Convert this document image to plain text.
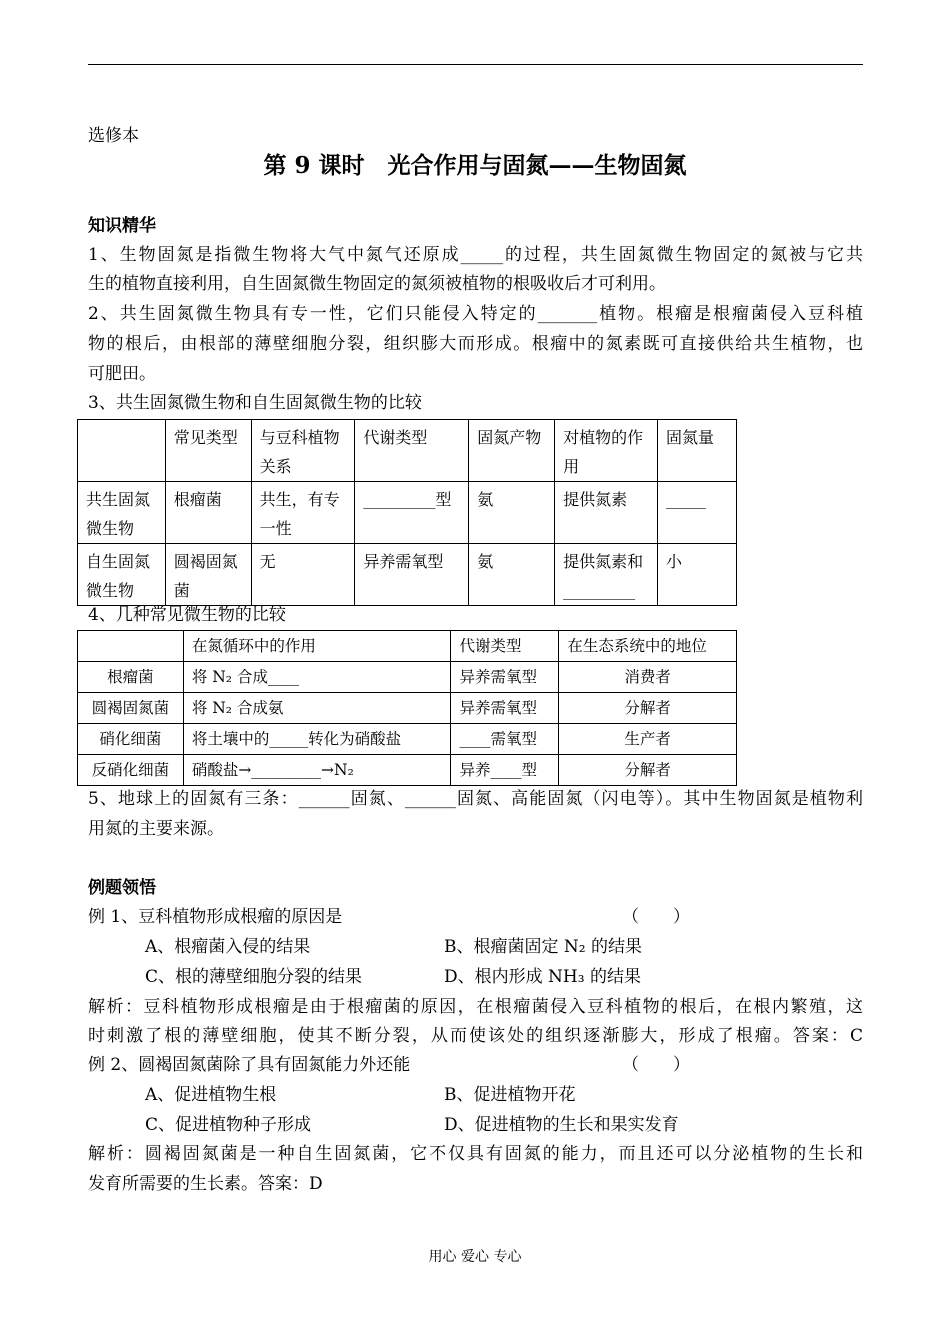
选修本
第 9 课时　光合作用与固氮——生物固氮
知识精华
1、生物固氮是指微生物将大气中氮气还原成_____的过程，共生固氮微生物固定的氮被与它共
生的植物直接利用，自生固氮微生物固定的氮须被植物的根吸收后才可利用。
2、共生固氮微生物具有专一性，它们只能侵入特定的_______植物。根瘤是根瘤菌侵入豆科植
物的根后，由根部的薄壁细胞分裂，组织膨大而形成。根瘤中的氮素既可直接供给共生植物，也
可肥田。
3、共生固氮微生物和自生固氮微生物的比较
	常见类型	与豆科植物关系	代谢类型	固氮产物	对植物的作用	固氮量
共生固氮微生物	根瘤菌	共生，有专一性	_________型	氨	提供氮素	_____
自生固氮微生物	圆褐固氮菌	无	异养需氧型	氨	提供氮素和_________	小
4、几种常见微生物的比较
	在氮循环中的作用	代谢类型	在生态系统中的地位
根瘤菌	将 N₂ 合成____	异养需氧型	消费者
圆褐固氮菌	将 N₂ 合成氨	异养需氧型	分解者
硝化细菌	将土壤中的_____转化为硝酸盐	____需氧型	生产者
反硝化细菌	硝酸盐→_________→N₂	异养____型	分解者
5、地球上的固氮有三条：______固氮、______固氮、高能固氮（闪电等）。其中生物固氮是植物利
用氮的主要来源。
例题领悟
例 1、豆科植物形成根瘤的原因是	（　　）
A、根瘤菌入侵的结果	B、根瘤菌固定 N₂ 的结果
C、根的薄壁细胞分裂的结果	D、根内形成 NH₃ 的结果
解析：豆科植物形成根瘤是由于根瘤菌的原因，在根瘤菌侵入豆科植物的根后，在根内繁殖，这
时刺激了根的薄壁细胞，使其不断分裂，从而使该处的组织逐渐膨大，形成了根瘤。答案：C
例 2、圆褐固氮菌除了具有固氮能力外还能	（　　）
A、促进植物生根	B、促进植物开花
C、促进植物种子形成	D、促进植物的生长和果实发育
解析：圆褐固氮菌是一种自生固氮菌，它不仅具有固氮的能力，而且还可以分泌植物的生长和
发育所需要的生长素。答案：D
用心 爱心 专心
